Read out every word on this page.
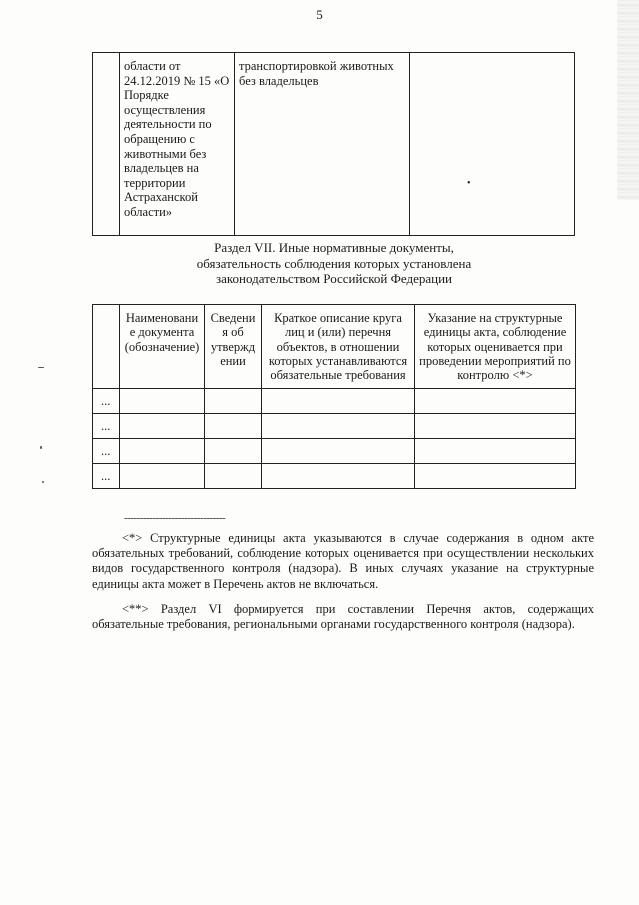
5
	области от 24.12.2019 № 15 «О Порядке осуществления деятельности по обращению с животными без владельцев на территории Астраханской области»	транспортировкой животных без владельцев	
•
Раздел VII. Иные нормативные документы,
обязательность соблюдения которых установлена
законодательством Российской Федерации
	Наименовани е документа (обозначение)	Сведени я об утвержд ении	Краткое описание круга лиц и (или) перечня объектов, в отношении которых устанавливаются обязательные требования	Указание на структурные единицы акта, соблюдение которых оценивается при проведении мероприятий по контролю <*>
...				
...				
...				
...				
--------------------------------

<*> Структурные единицы акта указываются в случае содержания в одном акте обязательных требований, соблюдение которых оценивается при осуществлении нескольких видов государственного контроля (надзора). В иных случаях указание на структурные единицы акта может в Перечень актов не включаться.

<**> Раздел VI формируется при составлении Перечня актов, содержащих обязательные требования, региональными органами государственного контроля (надзора).
